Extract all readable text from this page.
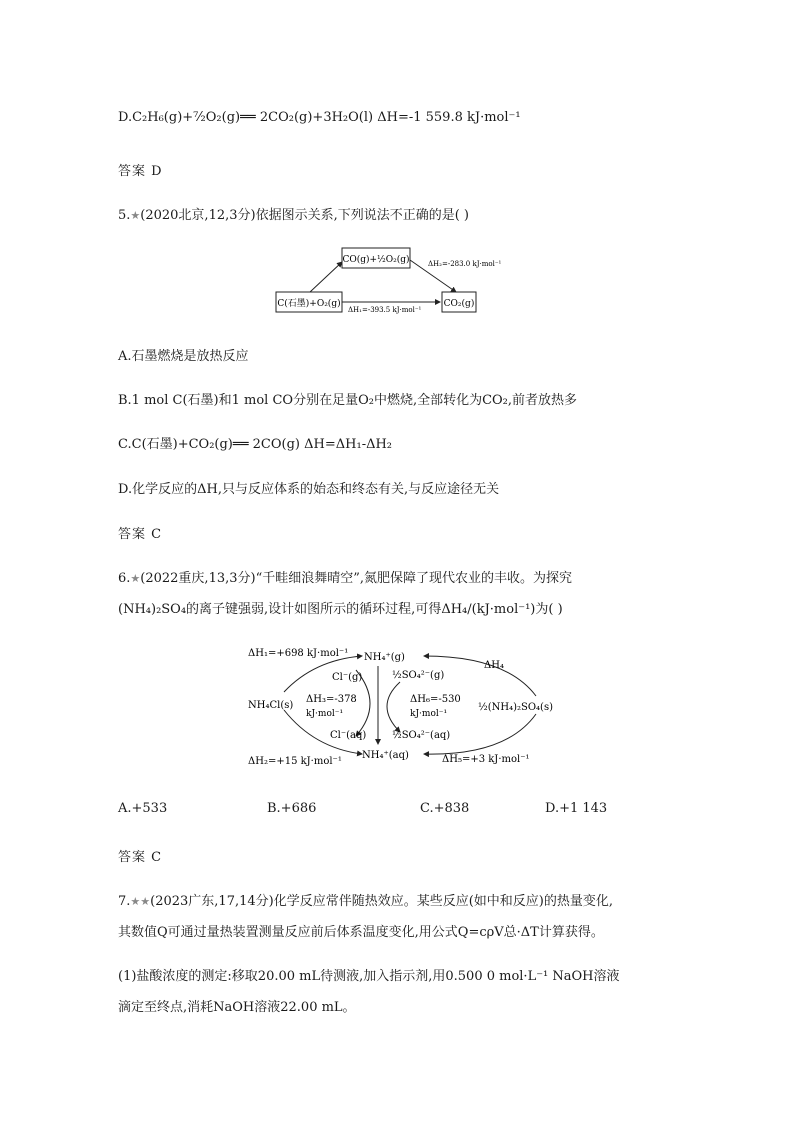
D.C₂H₆(g)+⁷⁄₂O₂(g)══ 2CO₂(g)+3H₂O(l) ΔH=-1 559.8 kJ·mol⁻¹
答案 D
5.★(2020北京,12,3分)依据图示关系,下列说法不正确的是( )
CO(g)+½O₂(g)
C(石墨)+O₂(g)	CO₂(g)
ΔH₂=-283.0 kJ·mol⁻¹
ΔH₁=-393.5 kJ·mol⁻¹
A.石墨燃烧是放热反应
B.1 mol C(石墨)和1 mol CO分别在足量O₂中燃烧,全部转化为CO₂,前者放热多
C.C(石墨)+CO₂(g)══ 2CO(g) ΔH=ΔH₁-ΔH₂
D.化学反应的ΔH,只与反应体系的始态和终态有关,与反应途径无关
答案 C
6.★(2022重庆,13,3分)“千畦细浪舞晴空”,氮肥保障了现代农业的丰收。为探究
(NH₄)₂SO₄的离子键强弱,设计如图所示的循环过程,可得ΔH₄/(kJ·mol⁻¹)为( )
ΔH₁=+698 kJ·mol⁻¹ NH₄⁺(g)
ΔH₄
Cl⁻(g)	½SO₄²⁻(g)
NH₄Cl(s)
ΔH₃=-378
kJ·mol⁻¹
ΔH₆=-530
kJ·mol⁻¹
½(NH₄)₂SO₄(s)
Cl⁻(aq)	½SO₄²⁻(aq)
NH₄⁺(aq)
ΔH₂=+15 kJ·mol⁻¹	ΔH₅=+3 kJ·mol⁻¹
A.+533	B.+686	C.+838	D.+1 143
答案 C
7.★★(2023广东,17,14分)化学反应常伴随热效应。某些反应(如中和反应)的热量变化,
其数值Q可通过量热装置测量反应前后体系温度变化,用公式Q=cρV总·ΔT计算获得。
(1)盐酸浓度的测定:移取20.00 mL待测液,加入指示剂,用0.500 0 mol·L⁻¹ NaOH溶液
滴定至终点,消耗NaOH溶液22.00 mL。
